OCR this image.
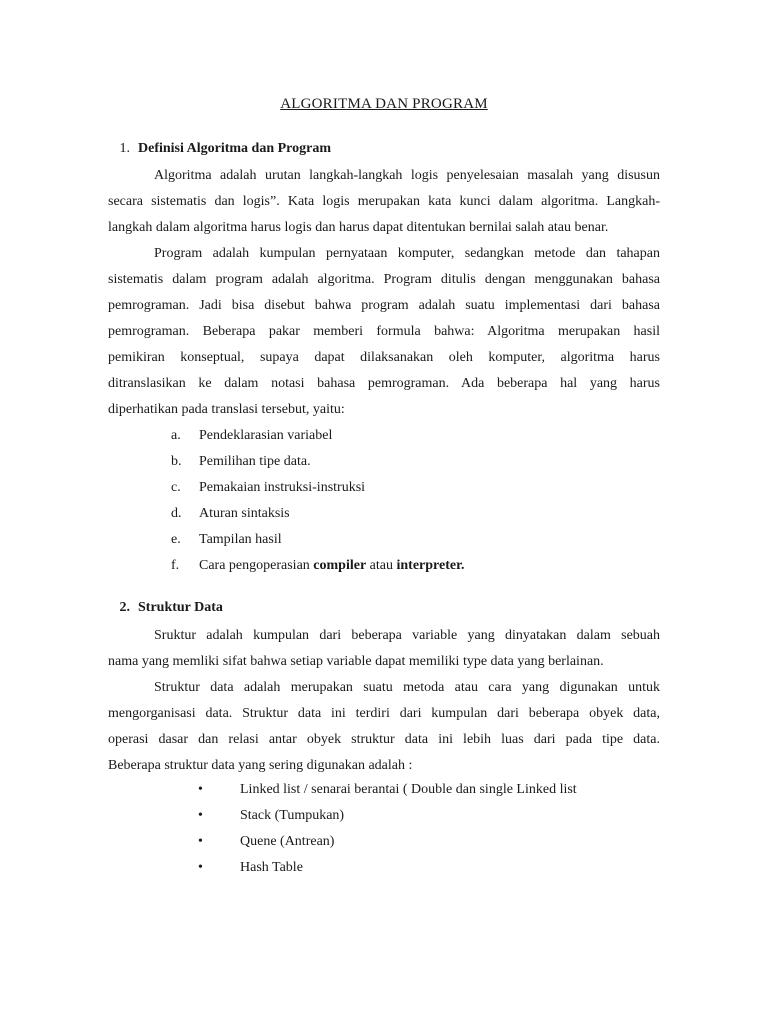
ALGORITMA DAN PROGRAM
1. Definisi Algoritma dan Program
Algoritma adalah urutan langkah-langkah logis penyelesaian masalah yang disusun
secara sistematis dan logis”. Kata logis merupakan kata kunci dalam algoritma. Langkah-
langkah dalam algoritma harus logis dan harus dapat ditentukan bernilai salah atau benar.
Program adalah kumpulan pernyataan komputer, sedangkan metode dan tahapan
sistematis dalam program adalah algoritma. Program ditulis dengan menggunakan bahasa
pemrograman. Jadi bisa disebut bahwa program adalah suatu implementasi dari bahasa
pemrograman. Beberapa pakar memberi formula bahwa: Algoritma merupakan hasil
pemikiran konseptual, supaya dapat dilaksanakan oleh komputer, algoritma harus
ditranslasikan ke dalam notasi bahasa pemrograman. Ada beberapa hal yang harus
diperhatikan pada translasi tersebut, yaitu:
a. Pendeklarasian variabel
b. Pemilihan tipe data.
c. Pemakaian instruksi-instruksi
d. Aturan sintaksis
e. Tampilan hasil
f. Cara pengoperasian compiler atau interpreter.
2. Struktur Data
Sruktur adalah kumpulan dari beberapa variable yang dinyatakan dalam sebuah
nama yang memliki sifat bahwa setiap variable dapat memiliki type data yang berlainan.
Struktur data adalah merupakan suatu metoda atau cara yang digunakan untuk
mengorganisasi data. Struktur data ini terdiri dari kumpulan dari beberapa obyek data,
operasi dasar dan relasi antar obyek struktur data ini lebih luas dari pada tipe data.
Beberapa struktur data yang sering digunakan adalah :
•	Linked list / senarai berantai ( Double dan single Linked list
•	Stack (Tumpukan)
•	Quene (Antrean)
•	Hash Table
